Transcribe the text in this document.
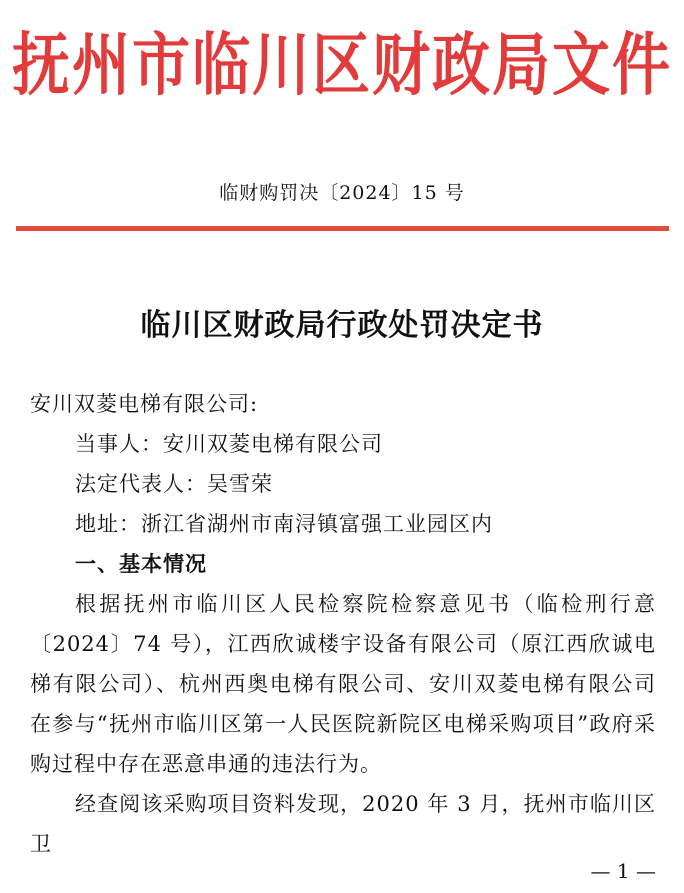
抚州市临川区财政局文件
临财购罚决〔2024〕15 号
临川区财政局行政处罚决定书
安川双菱电梯有限公司:
当事人：安川双菱电梯有限公司
法定代表人：吴雪荣
地址：浙江省湖州市南浔镇富强工业园区内
一、基本情况
根据抚州市临川区人民检察院检察意见书（临检刑行意〔2024〕74 号），江西欣诚楼宇设备有限公司（原江西欣诚电梯有限公司）、杭州西奥电梯有限公司、安川双菱电梯有限公司在参与“抚州市临川区第一人民医院新院区电梯采购项目”政府采购过程中存在恶意串通的违法行为。
经查阅该采购项目资料发现，2020 年 3 月，抚州市临川区卫
— 1 —
